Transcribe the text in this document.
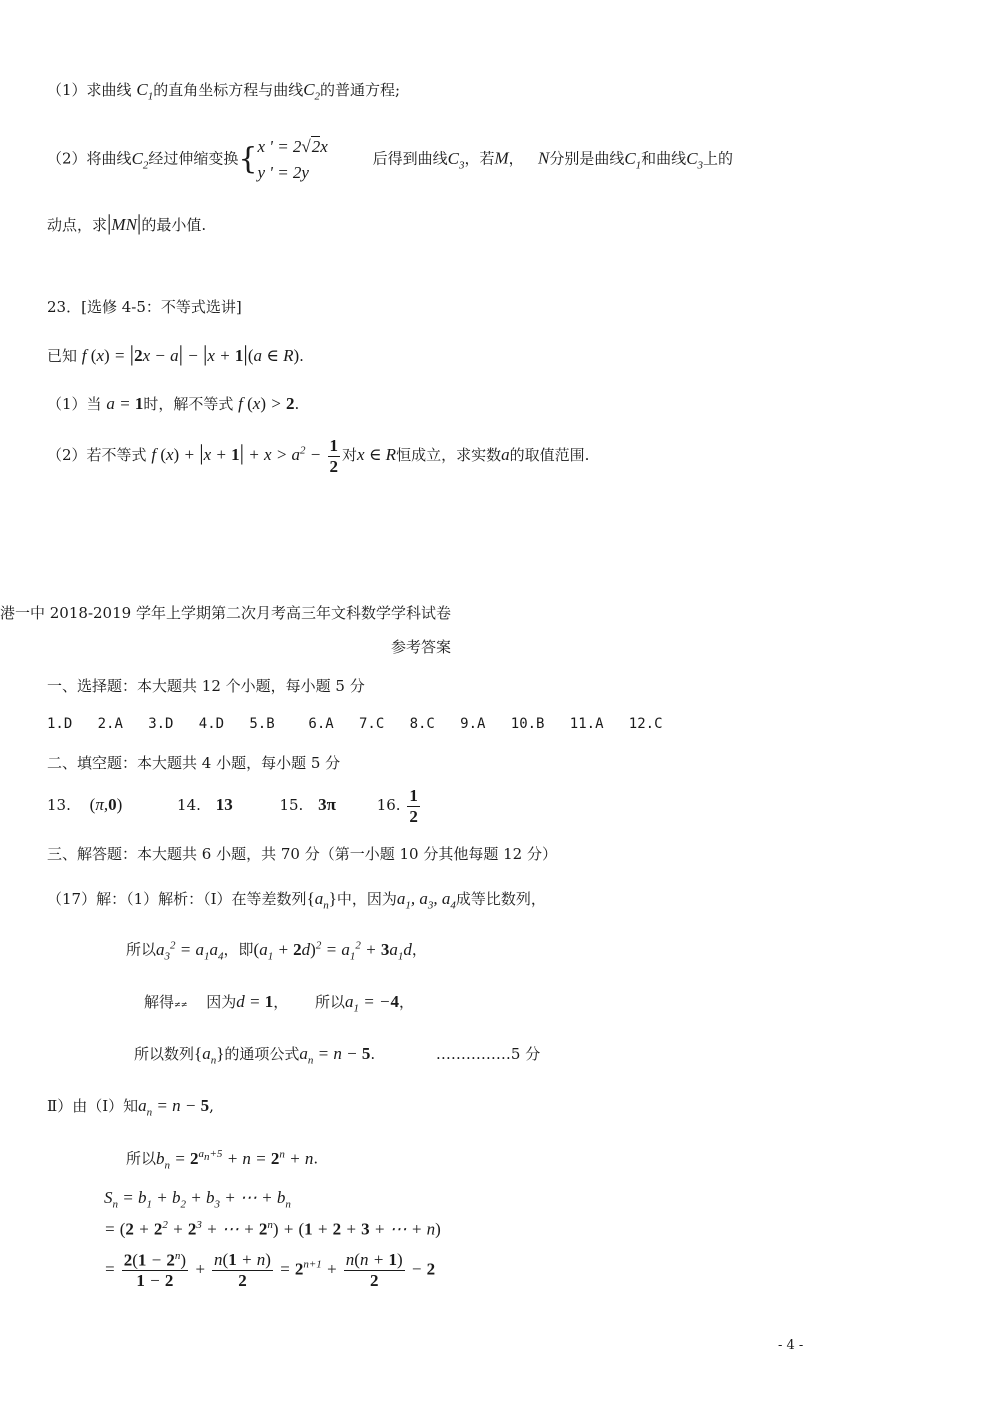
（1）求曲线 $C_1$的直角坐标方程与曲线$C_2$的普通方程;
（2）将曲线$C_2$经过伸缩变换{ x ' = 2√2x
y ' = 2y
后得到曲线$C_3$，若M， N分别是曲线$C_1$和曲线$C_3$上的
动点，求|MN|的最小值.
23．[选修 4-5：不等式选讲]
已知 f (x) = |2x − a| − |x + 1|(a ∈ R).
（1）当 a = 1时，解不等式 f (x) > 2.
（2）若不等式 f $(x) + |x + 1| + x > a^2 - \frac{1}{2}$ 对x ∈ R恒成立，求实数a的取值范围.
港一中 2018-2019 学年上学期第二次月考高三年文科数学学科试卷
参考答案
一、选择题：本大题共 12 个小题，每小题 5 分
1.D 2.A 3.D 4.D 5.B 6.A 7.C 8.C 9.A 10.B 11.A 12.C
二、填空题：本大题共 4 小题，每小题 5 分
13. (π,0)	14. 13	15. 3π	16. $\frac{1}{2}$
三、解答题：本大题共 6 小题，共 70 分（第一小题 10 分其他每题 12 分）
（17）解：（1）解析：（Ⅰ）在等差数列$\{a_n\}$中，因为$a_1$, $a_3$, $a_4$成等比数列，
所以$a_3^2 = a_1a_4$，即$(a_1 + 2d)^2 = a_1^2 + 3a_1d$，
解得≠≠ 因为d = 1， 所以$a_1 = -4$，
所以数列$\{a_n\}$的通项公式$a_n = n - 5$.	……………5 分
Ⅱ）由（Ⅰ）知$a_n = n - 5$,
所以$b_n = 2^{a_n+5} + n = 2^n + n$.
$S_n = b_1 + b_2 + b_3$ + ⋯ + $b_n$
= ($2 + 2^2 + 2^3$ + ⋯ + $2^n) + (1 + 2 + 3$ + ⋯ + n)
= $\frac{2(1 - 2^n)}{1 - 2} + \frac{n(1 + n)}{2} = 2^{n+1} + \frac{n(n + 1)}{2} - 2$
- 4 -
